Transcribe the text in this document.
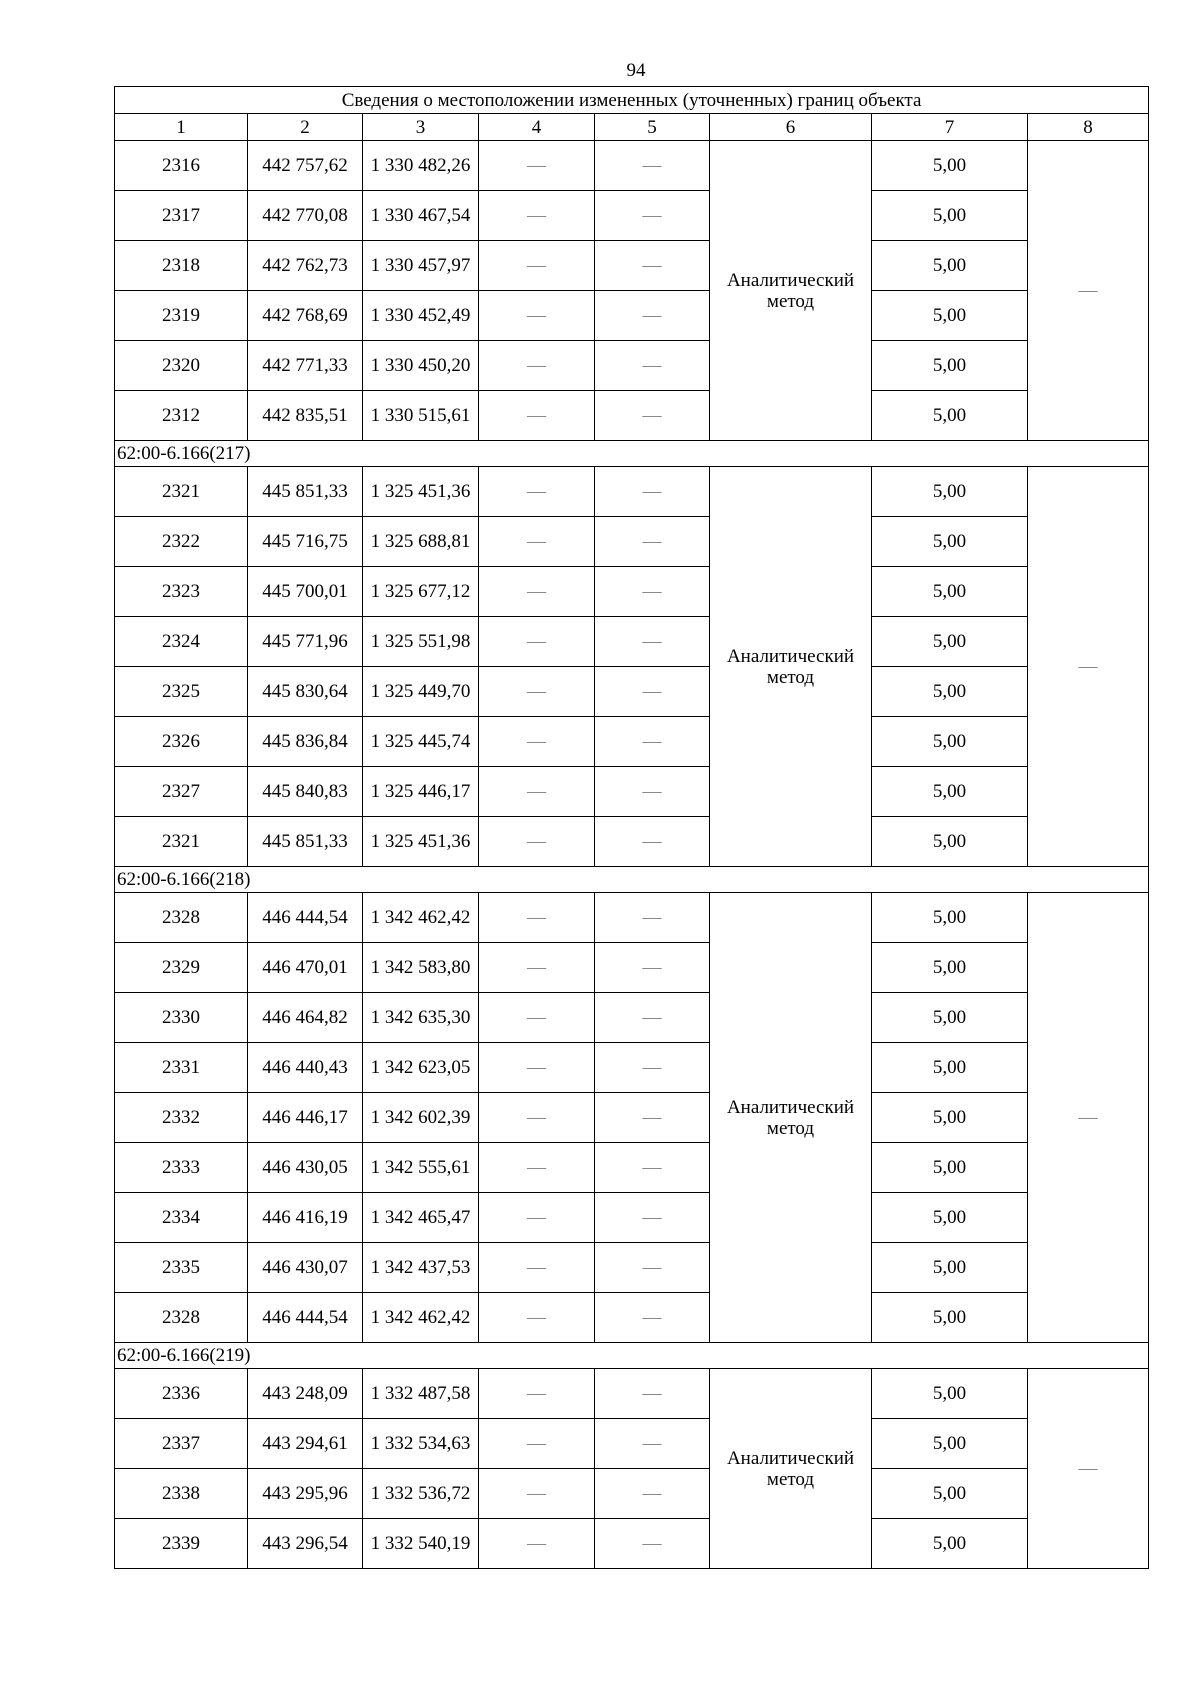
94
Сведения о местоположении измененных (уточненных) границ объекта							
1	2	3	4	5	6	7	8
2316	442 757,62	1 330 482,26	—	—	Аналитический метод	5,00	—
2317	442 770,08	1 330 467,54	—	—		5,00	
2318	442 762,73	1 330 457,97	—	—		5,00	
2319	442 768,69	1 330 452,49	—	—		5,00	
2320	442 771,33	1 330 450,20	—	—		5,00	
2312	442 835,51	1 330 515,61	—	—		5,00	
62:00-6.166(217)							
2321	445 851,33	1 325 451,36	—	—	Аналитический метод	5,00	—
2322	445 716,75	1 325 688,81	—	—		5,00	
2323	445 700,01	1 325 677,12	—	—		5,00	
2324	445 771,96	1 325 551,98	—	—		5,00	
2325	445 830,64	1 325 449,70	—	—		5,00	
2326	445 836,84	1 325 445,74	—	—		5,00	
2327	445 840,83	1 325 446,17	—	—		5,00	
2321	445 851,33	1 325 451,36	—	—		5,00	
62:00-6.166(218)							
2328	446 444,54	1 342 462,42	—	—	Аналитический метод	5,00	—
2329	446 470,01	1 342 583,80	—	—		5,00	
2330	446 464,82	1 342 635,30	—	—		5,00	
2331	446 440,43	1 342 623,05	—	—		5,00	
2332	446 446,17	1 342 602,39	—	—		5,00	
2333	446 430,05	1 342 555,61	—	—		5,00	
2334	446 416,19	1 342 465,47	—	—		5,00	
2335	446 430,07	1 342 437,53	—	—		5,00	
2328	446 444,54	1 342 462,42	—	—		5,00	
62:00-6.166(219)							
2336	443 248,09	1 332 487,58	—	—	Аналитический метод	5,00	—
2337	443 294,61	1 332 534,63	—	—		5,00	
2338	443 295,96	1 332 536,72	—	—		5,00	
2339	443 296,54	1 332 540,19	—	—		5,00	
